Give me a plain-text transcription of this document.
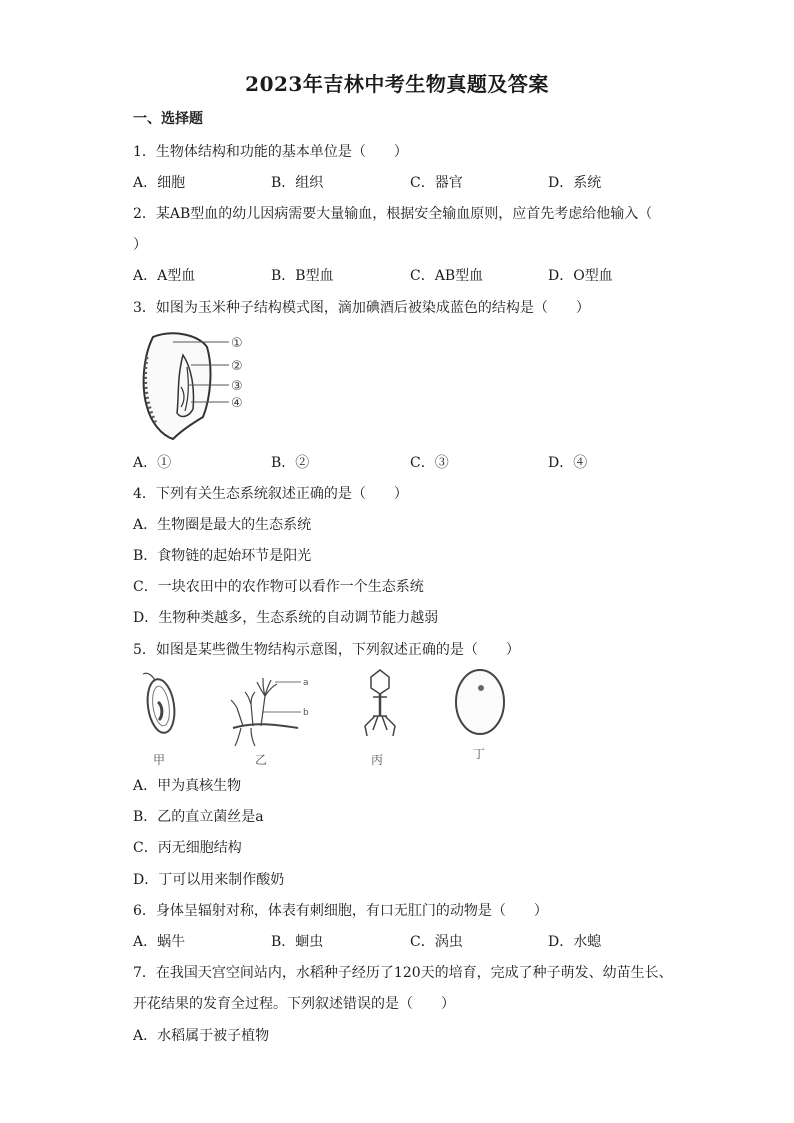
2023年吉林中考生物真题及答案
一、选择题
1．生物体结构和功能的基本单位是（　　）
A．细胞	B．组织	C．器官	D．系统
2．某AB型血的幼儿因病需要大量输血，根据安全输血原则，应首先考虑给他输入（
）
A．A型血	B．B型血	C．AB型血	D．O型血
3．如图为玉米种子结构模式图，滴加碘酒后被染成蓝色的结构是（　　）
①
②
③
④
A．①	B．②	C．③	D．④
4．下列有关生态系统叙述正确的是（　　）
A．生物圈是最大的生态系统
B．食物链的起始环节是阳光
C．一块农田中的农作物可以看作一个生态系统
D．生物种类越多，生态系统的自动调节能力越弱
5．如图是某些微生物结构示意图，下列叙述正确的是（　　）
a
b
甲	乙	丙	丁
A．甲为真核生物
B．乙的直立菌丝是a
C．丙无细胞结构
D．丁可以用来制作酸奶
6．身体呈辐射对称，体表有刺细胞，有口无肛门的动物是（　　）
A．蜗牛	B．蛔虫	C．涡虫	D．水螅
7．在我国天宫空间站内，水稻种子经历了120天的培育，完成了种子萌发、幼苗生长、
开花结果的发育全过程。下列叙述错误的是（　　）
A．水稻属于被子植物
